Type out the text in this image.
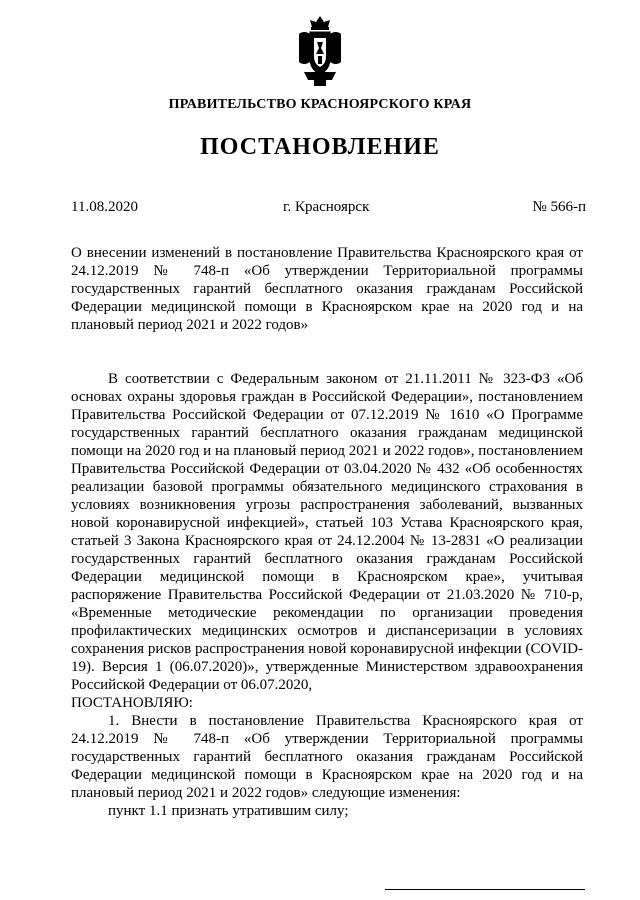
ПРАВИТЕЛЬСТВО КРАСНОЯРСКОГО КРАЯ
ПОСТАНОВЛЕНИЕ
11.08.2020	г. Красноярск	№ 566-п
О внесении изменений в постановление Правительства Красноярского края от 24.12.2019 № 748-п «Об утверждении Территориальной программы государственных гарантий бесплатного оказания гражданам Российской Федерации медицинской помощи в Красноярском крае на 2020 год и на плановый период 2021 и 2022 годов»

В соответствии с Федеральным законом от 21.11.2011 № 323-ФЗ «Об основах охраны здоровья граждан в Российской Федерации», постановлением Правительства Российской Федерации от 07.12.2019 № 1610 «О Программе государственных гарантий бесплатного оказания гражданам медицинской помощи на 2020 год и на плановый период 2021 и 2022 годов», постановлением Правительства Российской Федерации от 03.04.2020 № 432 «Об особенностях реализации базовой программы обязательного медицинского страхования в условиях возникновения угрозы распространения заболеваний, вызванных новой коронавирусной инфекцией», статьей 103 Устава Красноярского края, статьей 3 Закона Красноярского края от 24.12.2004 № 13-2831 «О реализации государственных гарантий бесплатного оказания гражданам Российской Федерации медицинской помощи в Красноярском крае», учитывая распоряжение Правительства Российской Федерации от 21.03.2020 № 710-р, «Временные методические рекомендации по организации проведения профилактических медицинских осмотров и диспансеризации в условиях сохранения рисков распространения новой коронавирусной инфекции (COVID-19). Версия 1 (06.07.2020)», утвержденные Министерством здравоохранения Российской Федерации от 06.07.2020,

ПОСТАНОВЛЯЮ:

1. Внести в постановление Правительства Красноярского края от 24.12.2019 № 748-п «Об утверждении Территориальной программы государственных гарантий бесплатного оказания гражданам Российской Федерации медицинской помощи в Красноярском крае на 2020 год и на плановый период 2021 и 2022 годов» следующие изменения:

пункт 1.1 признать утратившим силу;
